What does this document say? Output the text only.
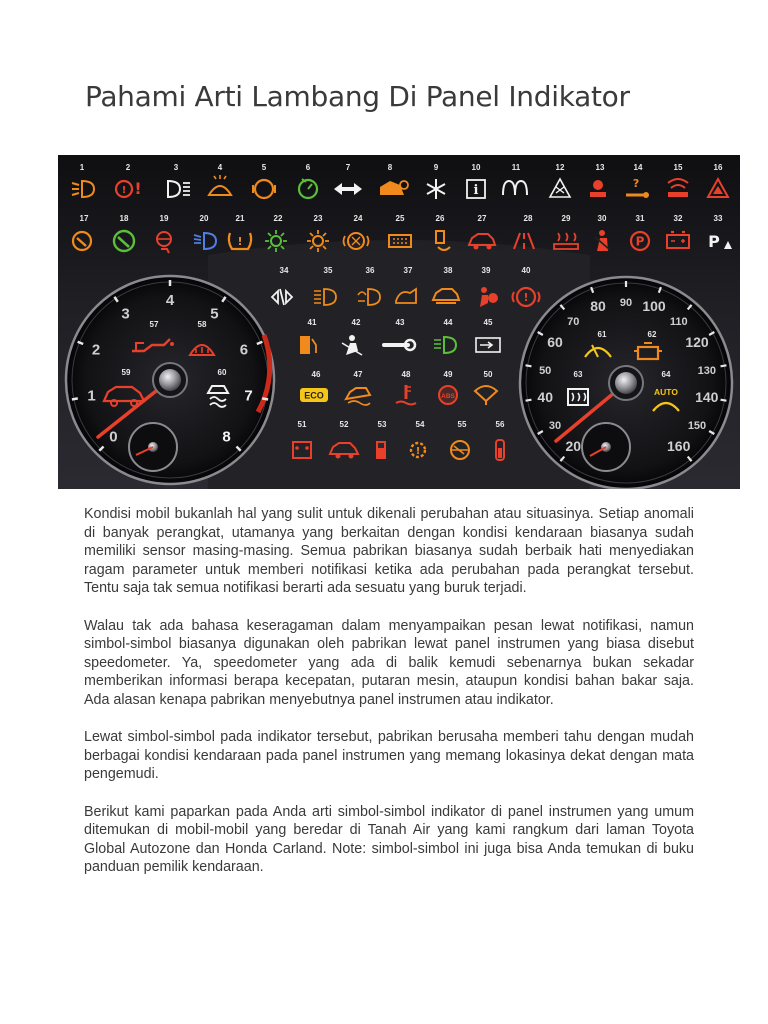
Pahami Arti Lambang Di Panel Indikator
0
1
2
3
4
5
6
7
8
20
30
40
50
60
70
80 90 100
110
120
130
140
150
160
1	2	3	4	5	6	7	8	9	10	11	12	13	14	15	16
17	18	19	20	21	22	23	24	25	26	27	28	29	30	31	32	33
34	35	36	37	38	39	40
41	42	43	44	45
46	47	48	49	50
51	52	53	54	55	56
57	58
59	60
61	62
63	64
! !	i	?
!	P	P
!
ECO	ABS
!
AUTO

Kondisi mobil bukanlah hal yang sulit untuk dikenali perubahan atau situasinya. Setiap anomali di banyak perangkat, utamanya yang berkaitan dengan kondisi kendaraan biasanya sudah memiliki sensor masing-masing. Semua pabrikan biasanya sudah berbaik hati menyediakan ragam parameter untuk memberi notifikasi ketika ada perubahan pada perangkat tersebut. Tentu saja tak semua notifikasi berarti ada sesuatu yang buruk terjadi.

Walau tak ada bahasa keseragaman dalam menyampaikan pesan lewat notifikasi, namun simbol-simbol biasanya digunakan oleh pabrikan lewat panel instrumen yang biasa disebut speedometer. Ya, speedometer yang ada di balik kemudi sebenarnya bukan sekadar memberikan informasi berapa kecepatan, putaran mesin, ataupun kondisi bahan bakar saja. Ada alasan kenapa pabrikan menyebutnya panel instrumen atau indikator.

Lewat simbol-simbol pada indikator tersebut, pabrikan berusaha memberi tahu dengan mudah berbagai kondisi kendaraan pada panel instrumen yang memang lokasinya dekat dengan mata pengemudi.

Berikut kami paparkan pada Anda arti simbol-simbol indikator di panel instrumen yang umum ditemukan di mobil-mobil yang beredar di Tanah Air yang kami rangkum dari laman Toyota Global Autozone dan Honda Carland. Note: simbol-simbol ini juga bisa Anda temukan di buku panduan pemilik kendaraan.
